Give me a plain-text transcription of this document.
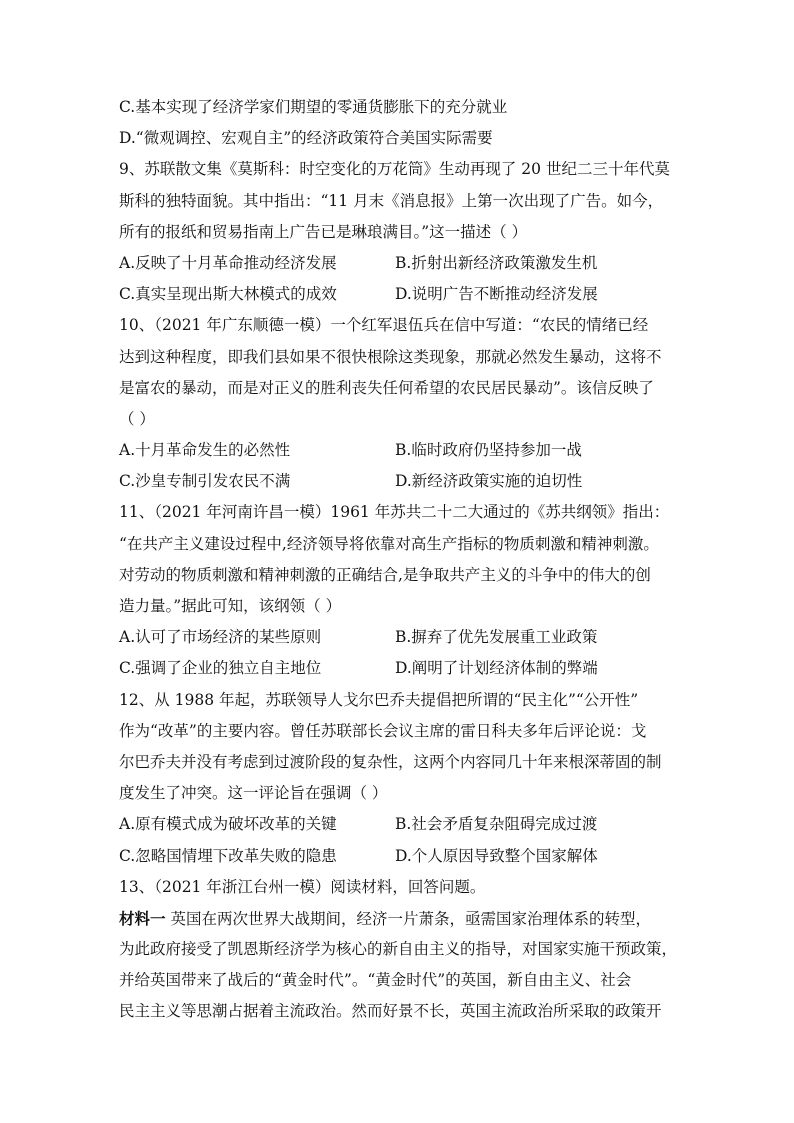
C.基本实现了经济学家们期望的零通货膨胀下的充分就业
D.“微观调控、宏观自主”的经济政策符合美国实际需要
9、苏联散文集《莫斯科：时空变化的万花筒》生动再现了 20 世纪二三十年代莫
斯科的独特面貌。其中指出：“11 月末《消息报》上第一次出现了广告。如今，
所有的报纸和贸易指南上广告已是琳琅满目。”这一描述（ ）
A.反映了十月革命推动经济发展	B.折射出新经济政策激发生机
C.真实呈现出斯大林模式的成效	D.说明广告不断推动经济发展
10、（2021 年广东顺德一模）一个红军退伍兵在信中写道：“农民的情绪已经
达到这种程度，即我们县如果不很快根除这类现象，那就必然发生暴动，这将不
是富农的暴动，而是对正义的胜利丧失任何希望的农民居民暴动”。该信反映了
（ ）
A.十月革命发生的必然性	B.临时政府仍坚持参加一战
C.沙皇专制引发农民不满	D.新经济政策实施的迫切性
11、（2021 年河南许昌一模）1961 年苏共二十二大通过的《苏共纲领》指出：
“在共产主义建设过程中,经济领导将依靠对高生产指标的物质刺激和精神刺激。
对劳动的物质刺激和精神刺激的正确结合,是争取共产主义的斗争中的伟大的创
造力量。”据此可知，该纲领（ ）
A.认可了市场经济的某些原则	B.摒弃了优先发展重工业政策
C.强调了企业的独立自主地位	D.阐明了计划经济体制的弊端
12、从 1988 年起，苏联领导人戈尔巴乔夫提倡把所谓的“民主化”“公开性”
作为“改革”的主要内容。曾任苏联部长会议主席的雷日科夫多年后评论说：戈
尔巴乔夫并没有考虑到过渡阶段的复杂性，这两个内容同几十年来根深蒂固的制
度发生了冲突。这一评论旨在强调（ ）
A.原有模式成为破坏改革的关键	B.社会矛盾复杂阻碍完成过渡
C.忽略国情埋下改革失败的隐患	D.个人原因导致整个国家解体
13、（2021 年浙江台州一模）阅读材料，回答问题。
材料一 英国在两次世界大战期间，经济一片萧条，亟需国家治理体系的转型，
为此政府接受了凯恩斯经济学为核心的新自由主义的指导，对国家实施干预政策，
并给英国带来了战后的“黄金时代”。“黄金时代”的英国，新自由主义、社会
民主主义等思潮占据着主流政治。然而好景不长，英国主流政治所采取的政策开
